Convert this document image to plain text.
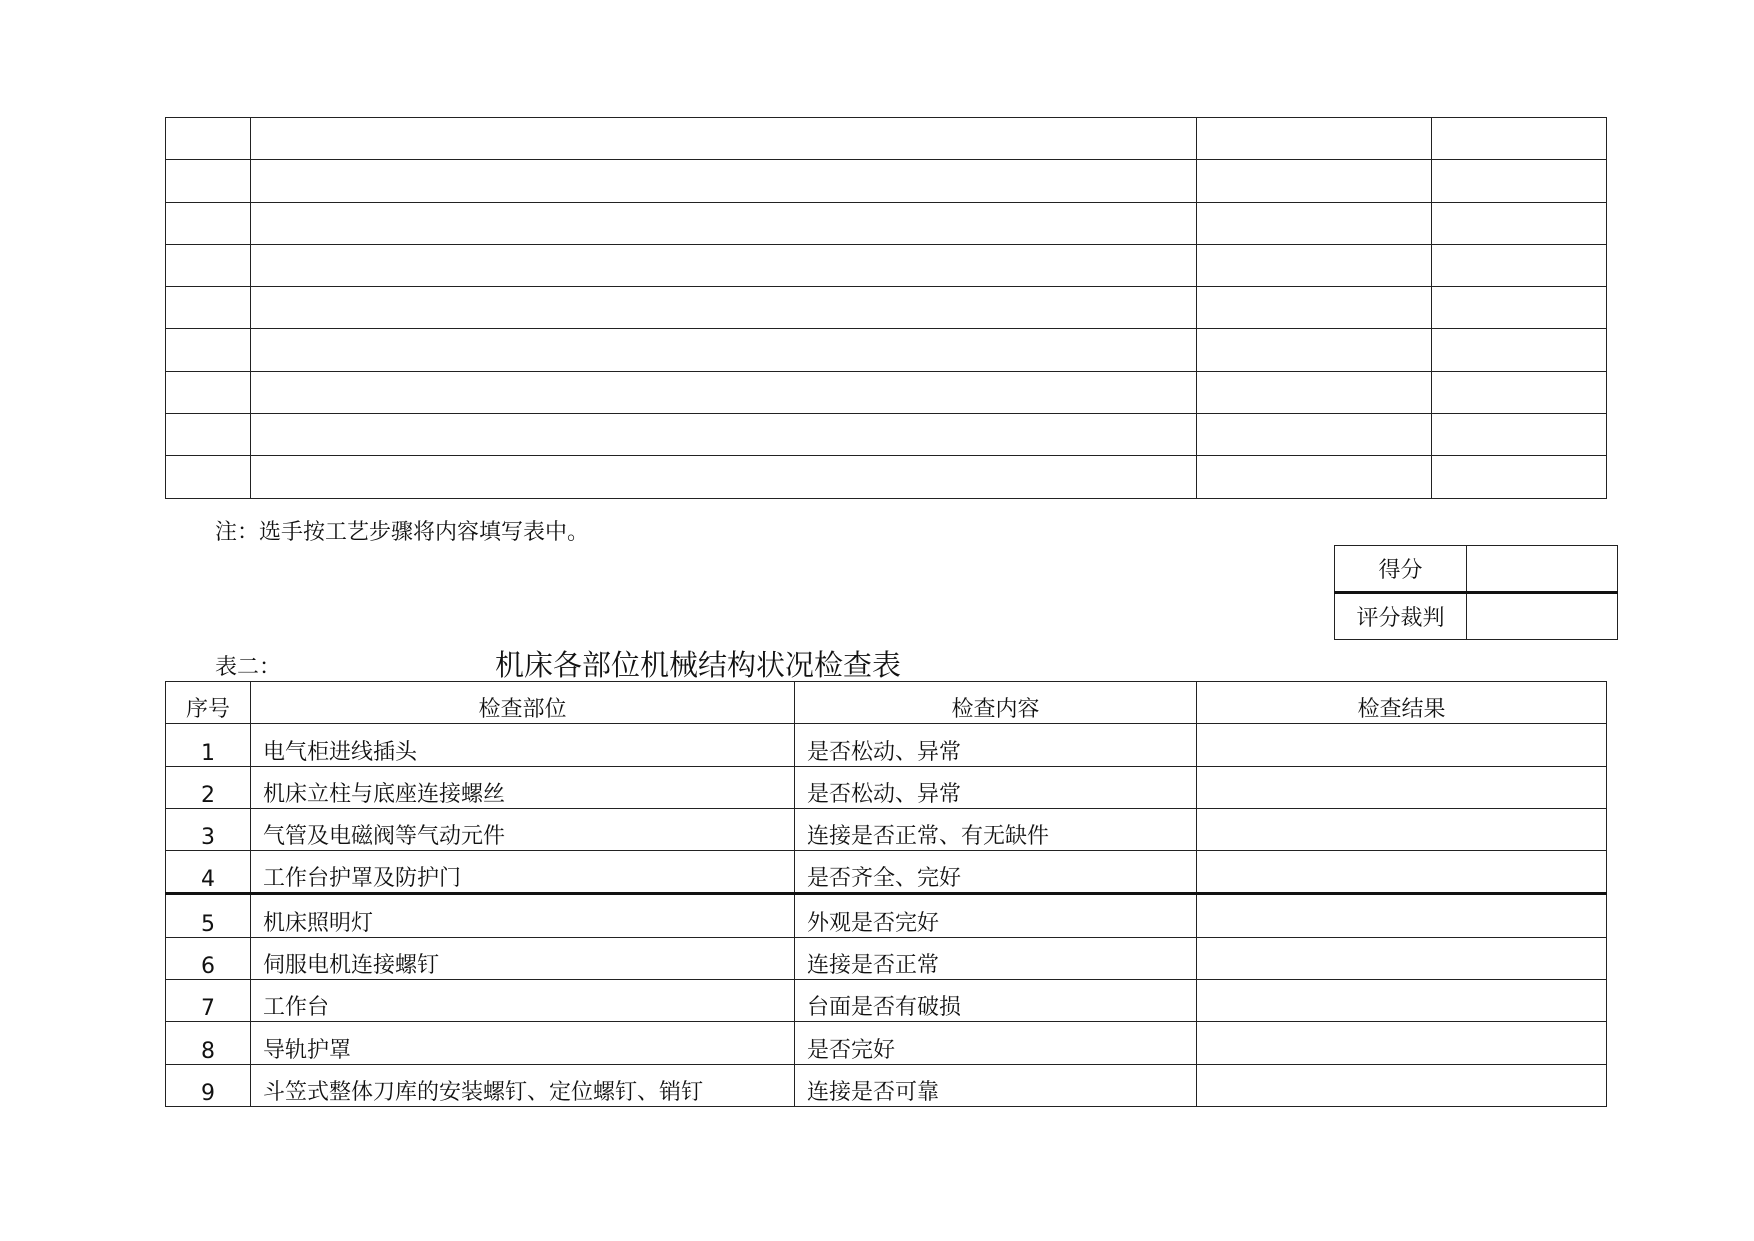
注：选手按工艺步骤将内容填写表中。
得分	
评分裁判	
表二：	机床各部位机械结构状况检查表
序号	检查部位	检查内容	检查结果
1	电气柜进线插头	是否松动、异常	
2	机床立柱与底座连接螺丝	是否松动、异常	
3	气管及电磁阀等气动元件	连接是否正常、有无缺件	
4	工作台护罩及防护门	是否齐全、完好	
5	机床照明灯	外观是否完好	
6	伺服电机连接螺钉	连接是否正常	
7	工作台	台面是否有破损	
8	导轨护罩	是否完好	
9	斗笠式整体刀库的安装螺钉、定位螺钉、销钉	连接是否可靠	
